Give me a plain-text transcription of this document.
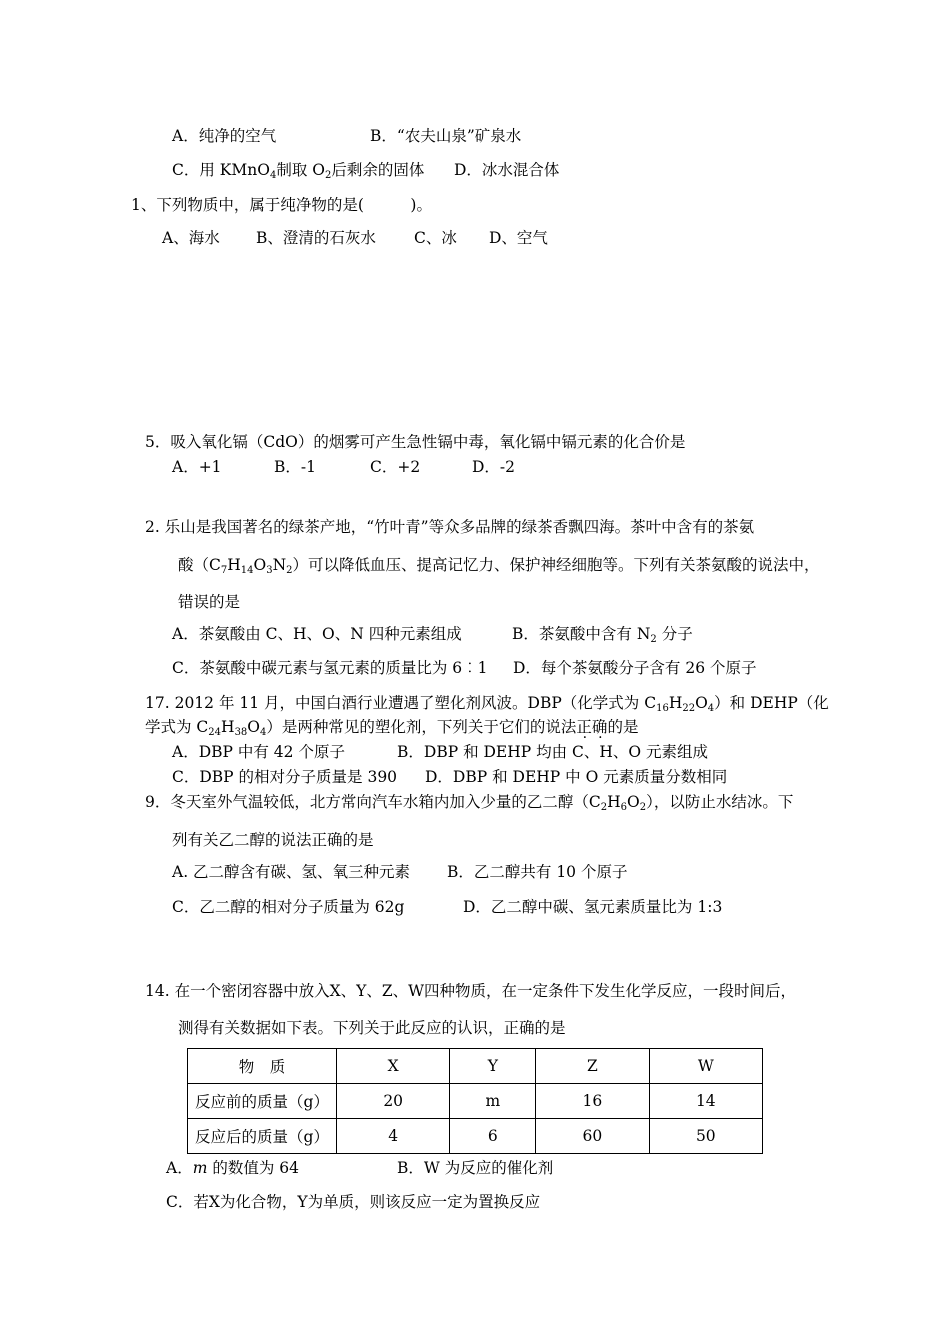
A．纯净的空气	B．“农夫山泉”矿泉水
C．用 KMnO$_4$制取 $O_2$后剩余的固体 D．冰水混合体
1、下列物质中，属于纯净物的是(　　　)。
A、海水 B、澄清的石灰水 C、冰 D、空气
5．吸入氧化镉（CdO）的烟雾可产生急性镉中毒，氧化镉中镉元素的化合价是
A．+1	B．-1	C．+2	D．-2
2. 乐山是我国著名的绿茶产地，“竹叶青”等众多品牌的绿茶香飘四海。茶叶中含有的茶氨
酸$(C_7H_{14}O_3N_2)$可以降低血压、提高记忆力、保护神经细胞等。下列有关茶氨酸的说法中，
错误的是
A．茶氨酸由 C、H、O、N 四种元素组成	B．茶氨酸中含有 $N_2$ 分子
C．茶氨酸中碳元素与氢元素的质量比为 6︰1 D．每个茶氨酸分子含有 26 个原子
17. 2012 年 11 月，中国白酒行业遭遇了塑化剂风波。DBP（化学式为 $C_{16}H_{22}O_4$）和 DEHP（化
学式为 $C_{24}H_{38}O_4$）是两种常见的塑化剂，下列关于它们的说法正确的是
A．DBP 中有 42 个原子	B．DBP 和 DEHP 均由 C、H、O 元素组成
C．DBP 的相对分子质量是 390 D．DBP 和 DEHP 中 O 元素质量分数相同
9．冬天室外气温较低，北方常向汽车水箱内加入少量的乙二醇$(C_2H_6O_2)$，以防止水结冰。下
列有关乙二醇的说法正确的是
A. 乙二醇含有碳、氢、氧三种元素 B．乙二醇共有 10 个原子
C．乙二醇的相对分子质量为 62g	D．乙二醇中碳、氢元素质量比为 1:3
14. 在一个密闭容器中放入X、Y、Z、W四种物质，在一定条件下发生化学反应，一段时间后，
测得有关数据如下表。下列关于此反应的认识，正确的是
物　质	X	Y	Z	W
反应前的质量（g）	20	m	16	14
反应后的质量（g）	4	6	60	50
A．m 的数值为 64	B．W 为反应的催化剂
C．若X为化合物，Y为单质，则该反应一定为置换反应
